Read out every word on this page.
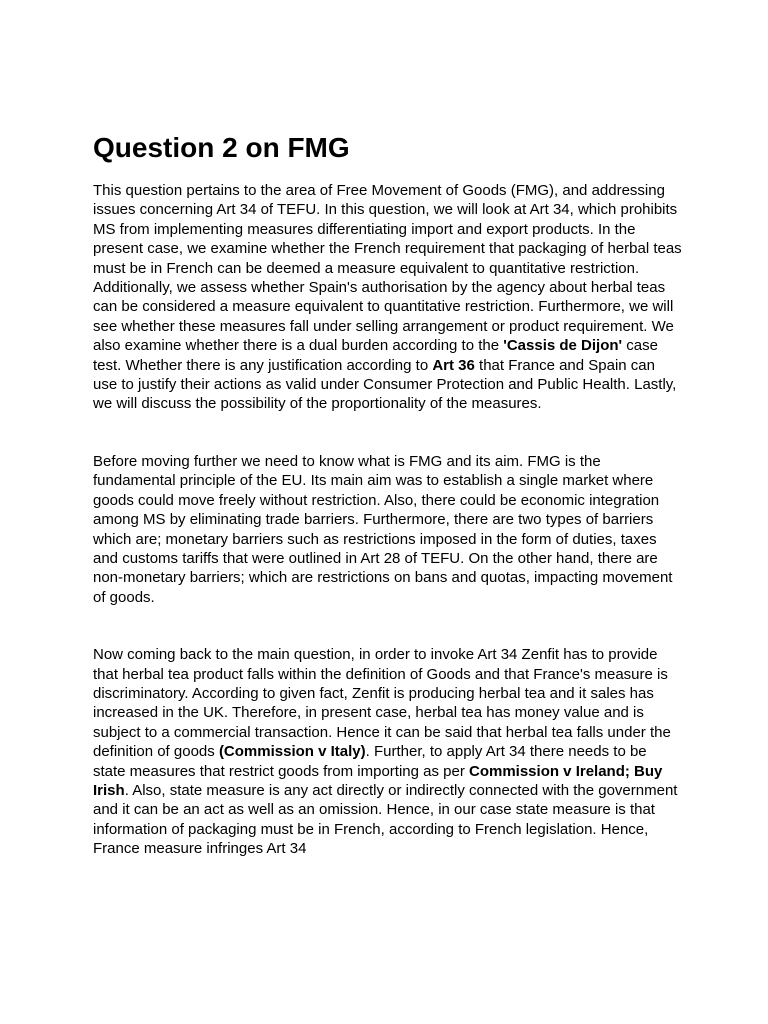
Question 2 on FMG

This question pertains to the area of Free Movement of Goods (FMG), and addressing issues concerning Art 34 of TEFU. In this question, we will look at Art 34, which prohibits MS from implementing measures differentiating import and export products. In the present case, we examine whether the French requirement that packaging of herbal teas must be in French can be deemed a measure equivalent to quantitative restriction. Additionally, we assess whether Spain's authorisation by the agency about herbal teas can be considered a measure equivalent to quantitative restriction. Furthermore, we will see whether these measures fall under selling arrangement or product requirement. We also examine whether there is a dual burden according to the 'Cassis de Dijon' case test. Whether there is any justification according to Art 36 that France and Spain can use to justify their actions as valid under Consumer Protection and Public Health. Lastly, we will discuss the possibility of the proportionality of the measures.

Before moving further we need to know what is FMG and its aim. FMG is the fundamental principle of the EU. Its main aim was to establish a single market where goods could move freely without restriction. Also, there could be economic integration among MS by eliminating trade barriers. Furthermore, there are two types of barriers which are; monetary barriers such as restrictions imposed in the form of duties, taxes and customs tariffs that were outlined in Art 28 of TEFU. On the other hand, there are non-monetary barriers; which are restrictions on bans and quotas, impacting movement of goods.

Now coming back to the main question, in order to invoke Art 34 Zenfit has to provide that herbal tea product falls within the definition of Goods and that France's measure is discriminatory. According to given fact, Zenfit is producing herbal tea and it sales has increased in the UK. Therefore, in present case, herbal tea has money value and is subject to a commercial transaction. Hence it can be said that herbal tea falls under the definition of goods (Commission v Italy). Further, to apply Art 34 there needs to be state measures that restrict goods from importing as per Commission v Ireland; Buy Irish. Also, state measure is any act directly or indirectly connected with the government and it can be an act as well as an omission. Hence, in our case state measure is that information of packaging must be in French, according to French legislation. Hence, France measure infringes Art 34
